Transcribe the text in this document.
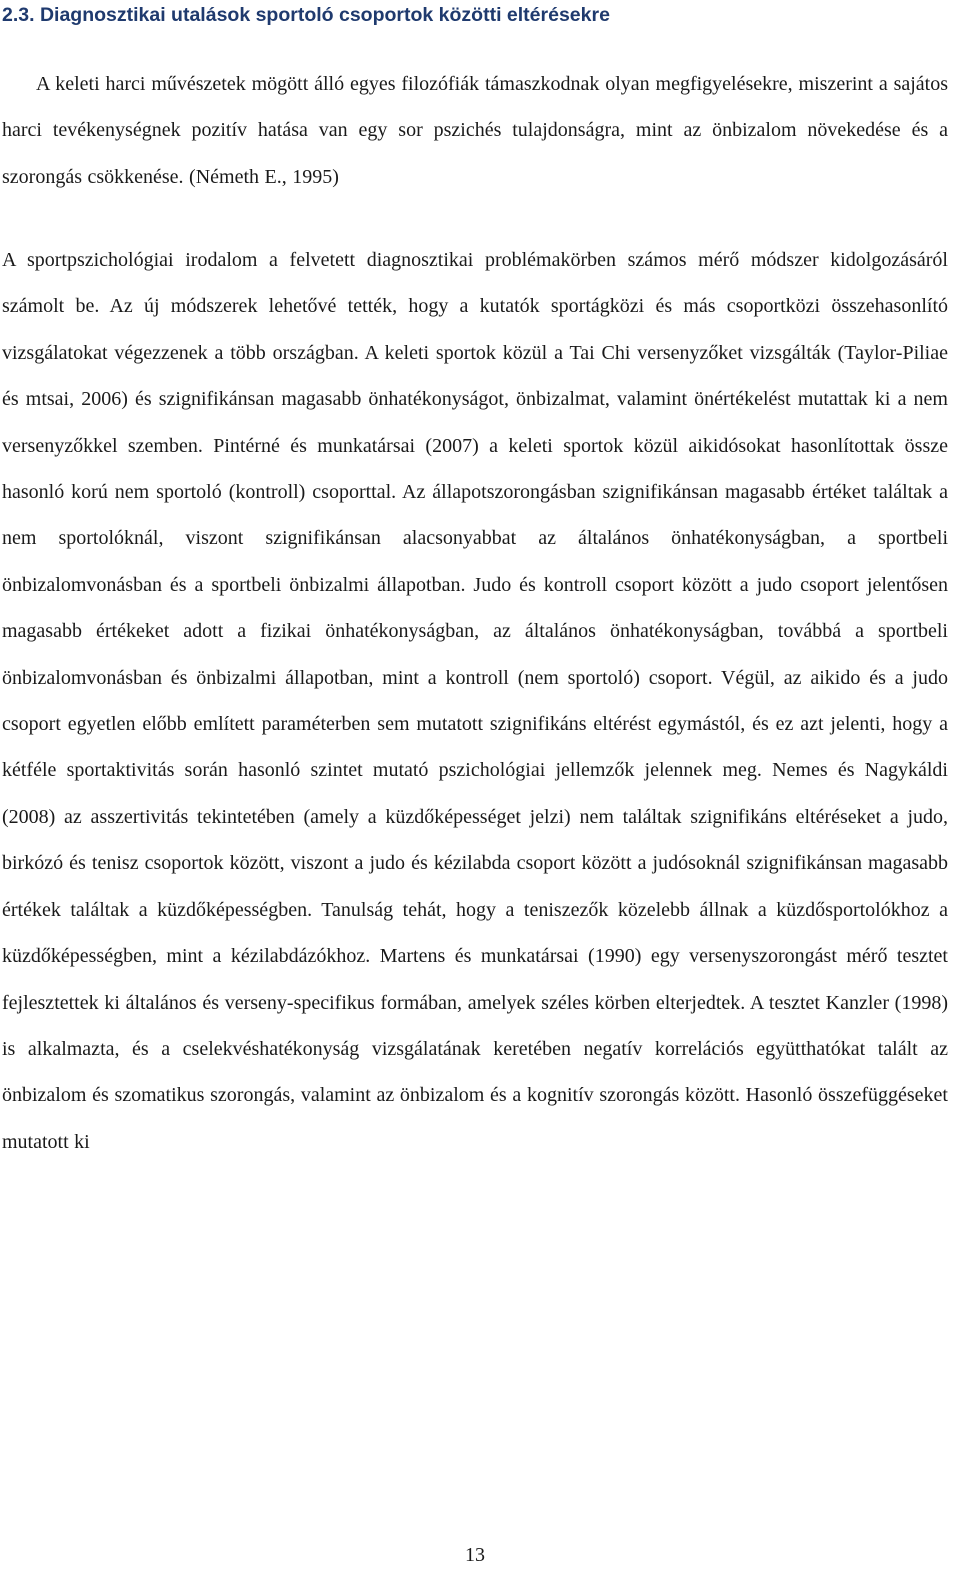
2.3. Diagnosztikai utalások sportoló csoportok közötti eltérésekre

A keleti harci művészetek mögött álló egyes filozófiák támaszkodnak olyan megfigyelésekre, miszerint a sajátos harci tevékenységnek pozitív hatása van egy sor pszichés tulajdonságra, mint az önbizalom növekedése és a szorongás csökkenése. (Németh E., 1995)

A sportpszichológiai irodalom a felvetett diagnosztikai problémakörben számos mérő módszer kidolgozásáról számolt be. Az új módszerek lehetővé tették, hogy a kutatók sportágközi és más csoportközi összehasonlító vizsgálatokat végezzenek a több országban. A keleti sportok közül a Tai Chi versenyzőket vizsgálták (Taylor-Piliae és mtsai, 2006) és szignifikánsan magasabb önhatékonyságot, önbizalmat, valamint önértékelést mutattak ki a nem versenyzőkkel szemben. Pintérné és munkatársai (2007) a keleti sportok közül aikidósokat hasonlítottak össze hasonló korú nem sportoló (kontroll) csoporttal. Az állapotszorongásban szignifikánsan magasabb értéket találtak a nem sportolóknál, viszont szignifikánsan alacsonyabbat az általános önhatékonyságban, a sportbeli önbizalomvonásban és a sportbeli önbizalmi állapotban. Judo és kontroll csoport között a judo csoport jelentősen magasabb értékeket adott a fizikai önhatékonyságban, az általános önhatékonyságban, továbbá a sportbeli önbizalomvonásban és önbizalmi állapotban, mint a kontroll (nem sportoló) csoport. Végül, az aikido és a judo csoport egyetlen előbb említett paraméterben sem mutatott szignifikáns eltérést egymástól, és ez azt jelenti, hogy a kétféle sportaktivitás során hasonló szintet mutató pszichológiai jellemzők jelennek meg. Nemes és Nagykáldi (2008) az asszertivitás tekintetében (amely a küzdőképességet jelzi) nem találtak szignifikáns eltéréseket a judo, birkózó és tenisz csoportok között, viszont a judo és kézilabda csoport között a judósoknál szignifikánsan magasabb értékek találtak a küzdőképességben. Tanulság tehát, hogy a teniszezők közelebb állnak a küzdősportolókhoz a küzdőképességben, mint a kézilabdázókhoz. Martens és munkatársai (1990) egy versenyszorongást mérő tesztet fejlesztettek ki általános és verseny-specifikus formában, amelyek széles körben elterjedtek. A tesztet Kanzler (1998) is alkalmazta, és a cselekvéshatékonyság vizsgálatának keretében negatív korrelációs együtthatókat talált az önbizalom és szomatikus szorongás, valamint az önbizalom és a kognitív szorongás között. Hasonló összefüggéseket mutatott ki

13
